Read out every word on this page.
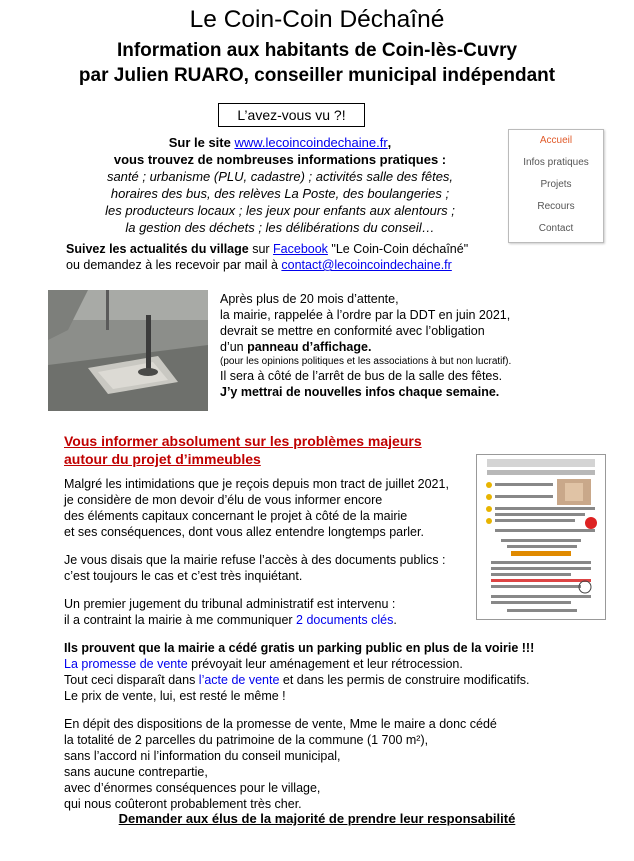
Le Coin-Coin Déchaîné
Information aux habitants de Coin-lès-Cuvry
par Julien RUARO, conseiller municipal indépendant
L’avez-vous vu ?!
Sur le site www.lecoincoindechaine.fr,
vous trouvez de nombreuses informations pratiques :
santé ; urbanisme (PLU, cadastre) ; activités salle des fêtes,
horaires des bus, des relèves La Poste, des boulangeries ;
les producteurs locaux ; les jeux pour enfants aux alentours ;
la gestion des déchets ; les délibérations du conseil…
Accueil
Infos pratiques
Projets
Recours
Contact
Suivez les actualités du village sur Facebook "Le Coin-Coin déchaîné"
ou demandez à les recevoir par mail à contact@lecoincoindechaine.fr
Après plus de 20 mois d’attente,
la mairie, rappelée à l’ordre par la DDT en juin 2021,
devrait se mettre en conformité avec l’obligation
d’un panneau d’affichage.
(pour les opinions politiques et les associations à but non lucratif).
Il sera à côté de l’arrêt de bus de la salle des fêtes.
J’y mettrai de nouvelles infos chaque semaine.
Vous informer absolument sur les problèmes majeurs
autour du projet d’immeubles

Malgré les intimidations que je reçois depuis mon tract de juillet 2021,
je considère de mon devoir d’élu de vous informer encore
des éléments capitaux concernant le projet à côté de la mairie
et ses conséquences, dont vous allez entendre longtemps parler.

Je vous disais que la mairie refuse l’accès à des documents publics :
c’est toujours le cas et c’est très inquiétant.

Un premier jugement du tribunal administratif est intervenu :
il a contraint la mairie à me communiquer 2 documents clés.

Ils prouvent que la mairie a cédé gratis un parking public en plus de la voirie !!!

La promesse de vente prévoyait leur aménagement et leur rétrocession.
Tout ceci disparaît dans l’acte de vente et dans les permis de construire modificatifs.
Le prix de vente, lui, est resté le même !

En dépit des dispositions de la promesse de vente, Mme le maire a donc cédé
la totalité de 2 parcelles du patrimoine de la commune (1 700 m²),
sans l’accord ni l’information du conseil municipal,
sans aucune contrepartie,
avec d’énormes conséquences pour le village,
qui nous coûteront probablement très cher.

Demander aux élus de la majorité de prendre leur responsabilité
